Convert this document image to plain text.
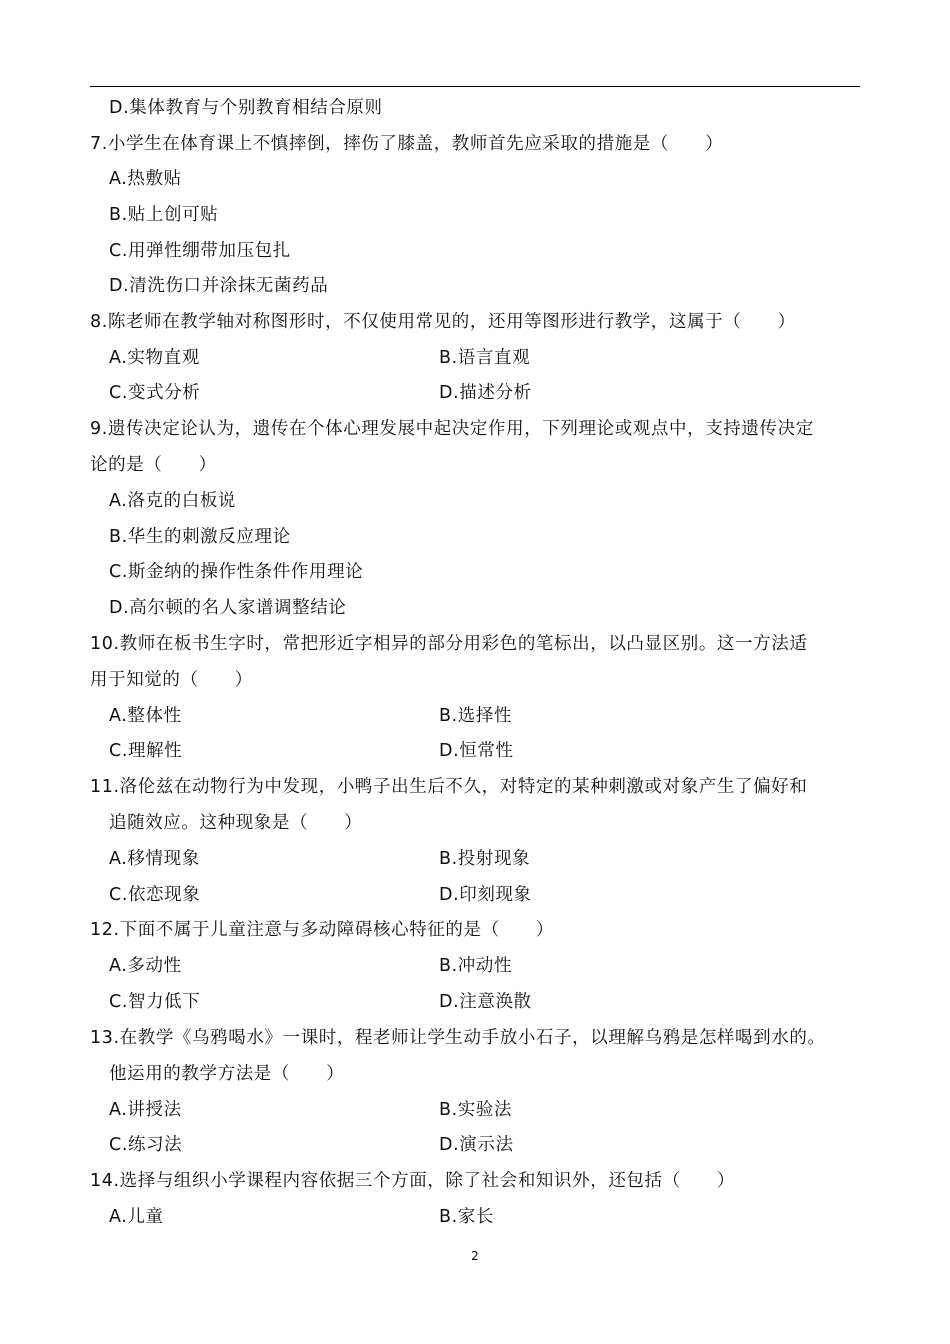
D.集体教育与个别教育相结合原则
7.小学生在体育课上不慎摔倒，摔伤了膝盖，教师首先应采取的措施是（　　）
A.热敷贴
B.贴上创可贴
C.用弹性绷带加压包扎
D.清洗伤口并涂抹无菌药品
8.陈老师在教学轴对称图形时，不仅使用常见的，还用等图形进行教学，这属于（　　）
A.实物直观	B.语言直观
C.变式分析	D.描述分析
9.遗传决定论认为，遗传在个体心理发展中起决定作用，下列理论或观点中，支持遗传决定
论的是（　　）
A.洛克的白板说
B.华生的刺激反应理论
C.斯金纳的操作性条件作用理论
D.高尔顿的名人家谱调整结论
10.教师在板书生字时，常把形近字相异的部分用彩色的笔标出，以凸显区别。这一方法适
用于知觉的（　　）
A.整体性	B.选择性
C.理解性	D.恒常性
11.洛伦兹在动物行为中发现，小鸭子出生后不久，对特定的某种刺激或对象产生了偏好和
追随效应。这种现象是（　　）
A.移情现象	B.投射现象
C.依恋现象	D.印刻现象
12.下面不属于儿童注意与多动障碍核心特征的是（　　）
A.多动性	B.冲动性
C.智力低下	D.注意涣散
13.在教学《乌鸦喝水》一课时，程老师让学生动手放小石子，以理解乌鸦是怎样喝到水的。
他运用的教学方法是（　　）
A.讲授法	B.实验法
C.练习法	D.演示法
14.选择与组织小学课程内容依据三个方面，除了社会和知识外，还包括（　　）
A.儿童	B.家长
2
